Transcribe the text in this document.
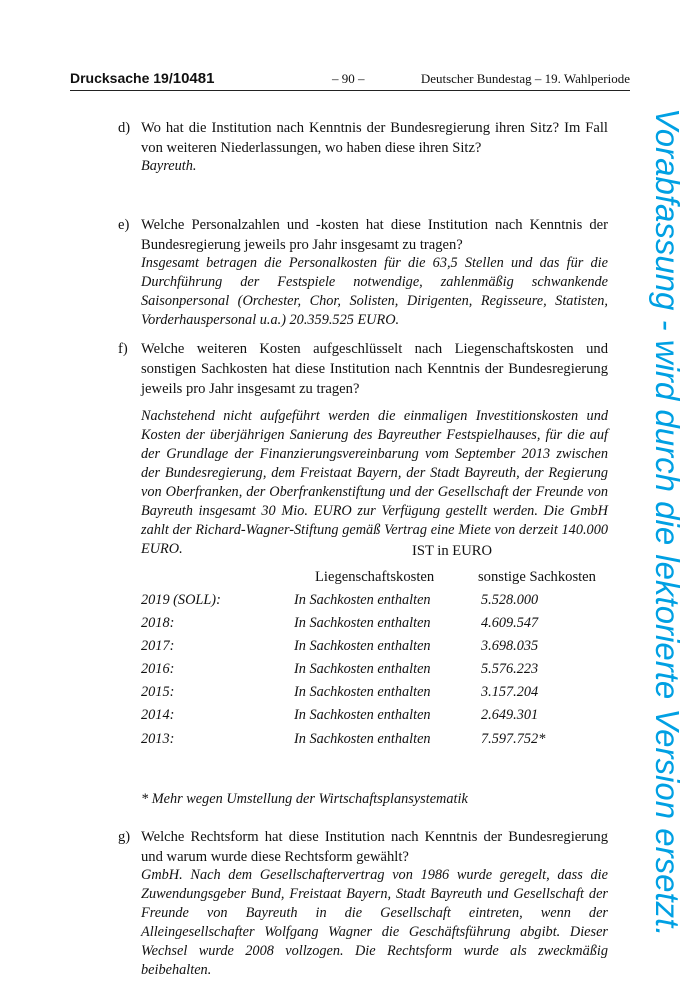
Drucksache 19/10481	– 90 –	Deutscher Bundestag – 19. Wahlperiode
d) Wo hat die Institution nach Kenntnis der Bundesregierung ihren Sitz? Im Fall von weiteren Niederlassungen, wo haben diese ihren Sitz?
Bayreuth.
e) Welche Personalzahlen und -kosten hat diese Institution nach Kenntnis der Bundesregierung jeweils pro Jahr insgesamt zu tragen?
Insgesamt betragen die Personalkosten für die 63,5 Stellen und das für die Durchführung der Festspiele notwendige, zahlenmäßig schwankende Saisonpersonal (Orchester, Chor, Solisten, Dirigenten, Regisseure, Statisten, Vorderhauspersonal u.a.) 20.359.525 EURO.
f) Welche weiteren Kosten aufgeschlüsselt nach Liegenschaftskosten und sonstigen Sachkosten hat diese Institution nach Kenntnis der Bundesregierung jeweils pro Jahr insgesamt zu tragen?
Nachstehend nicht aufgeführt werden die einmaligen Investitionskosten und Kosten der überjährigen Sanierung des Bayreuther Festspielhauses, für die auf der Grundlage der Finanzierungsvereinbarung vom September 2013 zwischen der Bundesregierung, dem Freistaat Bayern, der Stadt Bayreuth, der Regierung von Oberfranken, der Oberfrankenstiftung und der Gesellschaft der Freunde von Bayreuth insgesamt 30 Mio. EURO zur Verfügung gestellt werden. Die GmbH zahlt der Richard-Wagner-Stiftung gemäß Vertrag eine Miete von derzeit 140.000 EURO.	IST in EURO
Liegenschaftskosten	sonstige Sachkosten
2019 (SOLL):	In Sachkosten enthalten	5.528.000
2018:	In Sachkosten enthalten	4.609.547
2017:	In Sachkosten enthalten	3.698.035
2016:	In Sachkosten enthalten	5.576.223
2015:	In Sachkosten enthalten	3.157.204
2014:	In Sachkosten enthalten	2.649.301
2013:	In Sachkosten enthalten	7.597.752*
* Mehr wegen Umstellung der Wirtschaftsplansystematik
g) Welche Rechtsform hat diese Institution nach Kenntnis der Bundesregierung und warum wurde diese Rechtsform gewählt?
GmbH. Nach dem Gesellschaftervertrag von 1986 wurde geregelt, dass die Zuwendungsgeber Bund, Freistaat Bayern, Stadt Bayreuth und Gesellschaft der Freunde von Bayreuth in die Gesellschaft eintreten, wenn der Alleingesellschafter Wolfgang Wagner die Geschäftsführung abgibt. Dieser Wechsel wurde 2008 vollzogen. Die Rechtsform wurde als zweckmäßig beibehalten.
Vorabfassung - wird durch die lektorierte Version ersetzt.
